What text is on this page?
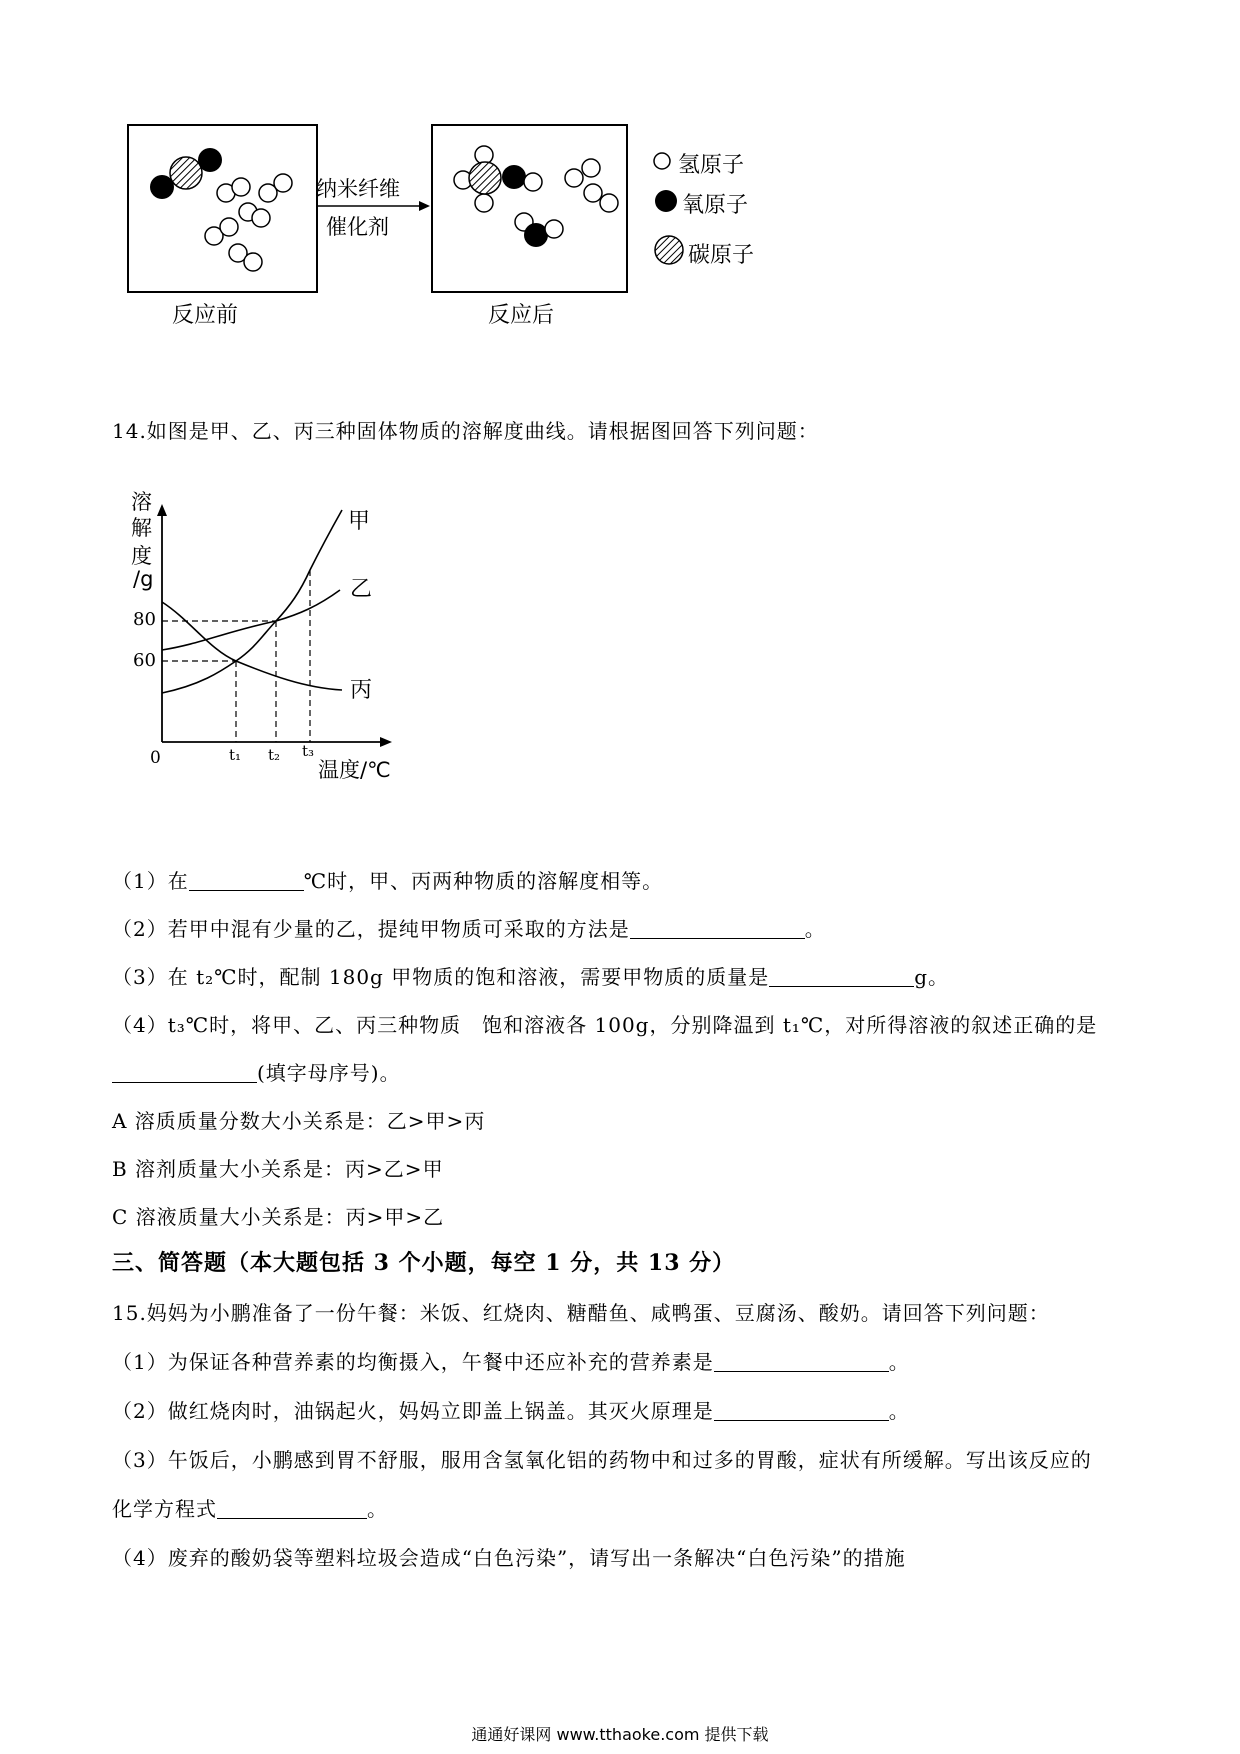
纳米纤维
催化剂
反应前	反应后
氢原子
氧原子
碳原子
14.如图是甲、乙、丙三种固体物质的溶解度曲线。请根据图回答下列问题：
溶
解
度
/g
80
60
0	t₁ t₂ t₃
温度/℃
甲
乙
丙
（1）在	℃时，甲、丙两种物质的溶解度相等。
（2）若甲中混有少量的乙，提纯甲物质可采取的方法是	。
（3）在 t₂℃时，配制 180g 甲物质的饱和溶液，需要甲物质的质量是	g。
（4）t₃℃时，将甲、乙、丙三种物质　饱和溶液各 100g，分别降温到 t₁℃，对所得溶液的叙述正确的是
(填字母序号)。
A 溶质质量分数大小关系是：乙>甲>丙
B 溶剂质量大小关系是：丙>乙>甲
C 溶液质量大小关系是：丙>甲>乙
三、简答题（本大题包括 3 个小题，每空 1 分，共 13 分）
15.妈妈为小鹏准备了一份午餐：米饭、红烧肉、糖醋鱼、咸鸭蛋、豆腐汤、酸奶。请回答下列问题：
（1）为保证各种营养素的均衡摄入，午餐中还应补充的营养素是	。
（2）做红烧肉时，油锅起火，妈妈立即盖上锅盖。其灭火原理是	。
（3）午饭后，小鹏感到胃不舒服，服用含氢氧化铝的药物中和过多的胃酸，症状有所缓解。写出该反应的
化学方程式	。
（4）废弃的酸奶袋等塑料垃圾会造成“白色污染”，请写出一条解决“白色污染”的措施
通通好课网 www.tthaoke.com 提供下载
